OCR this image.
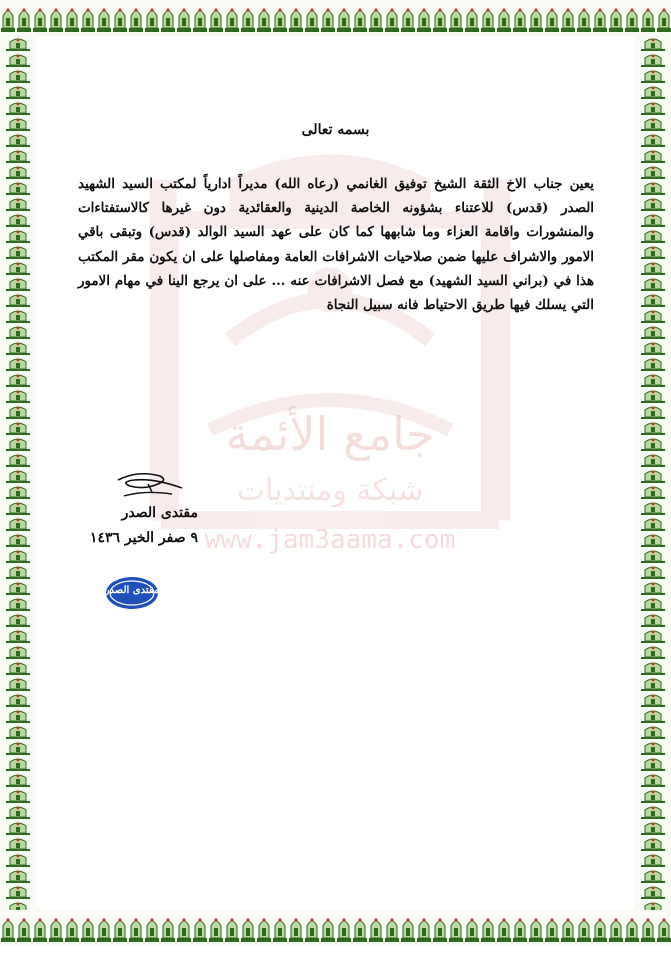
جامع الأئمة
شبكة ومنتديات
www.jam3aama.com
بسمه تعالى
يعين جناب الاخ الثقة الشيخ توفيق الغانمي (رعاه الله) مديراً ادارياً لمكتب السيد الشهيد الصدر (قدس) للاعتناء بشؤونه الخاصة الدينية والعقائدية دون غيرها كالاستفتاءات والمنشورات واقامة العزاء وما شابهها كما كان على عهد السيد الوالد (قدس) وتبقى باقي الامور والاشراف عليها ضمن صلاحيات الاشرافات العامة ومفاصلها على ان يكون مقر المكتب هذا في (براني السيد الشهيد) مع فصل الاشرافات عنه ... على ان يرجع الينا في مهام الامور التي يسلك فيها طريق الاحتياط فانه سبيل النجاة
مقتدى الصدر
٩ صفر الخير ١٤٣٦
مقتدى الصدر
